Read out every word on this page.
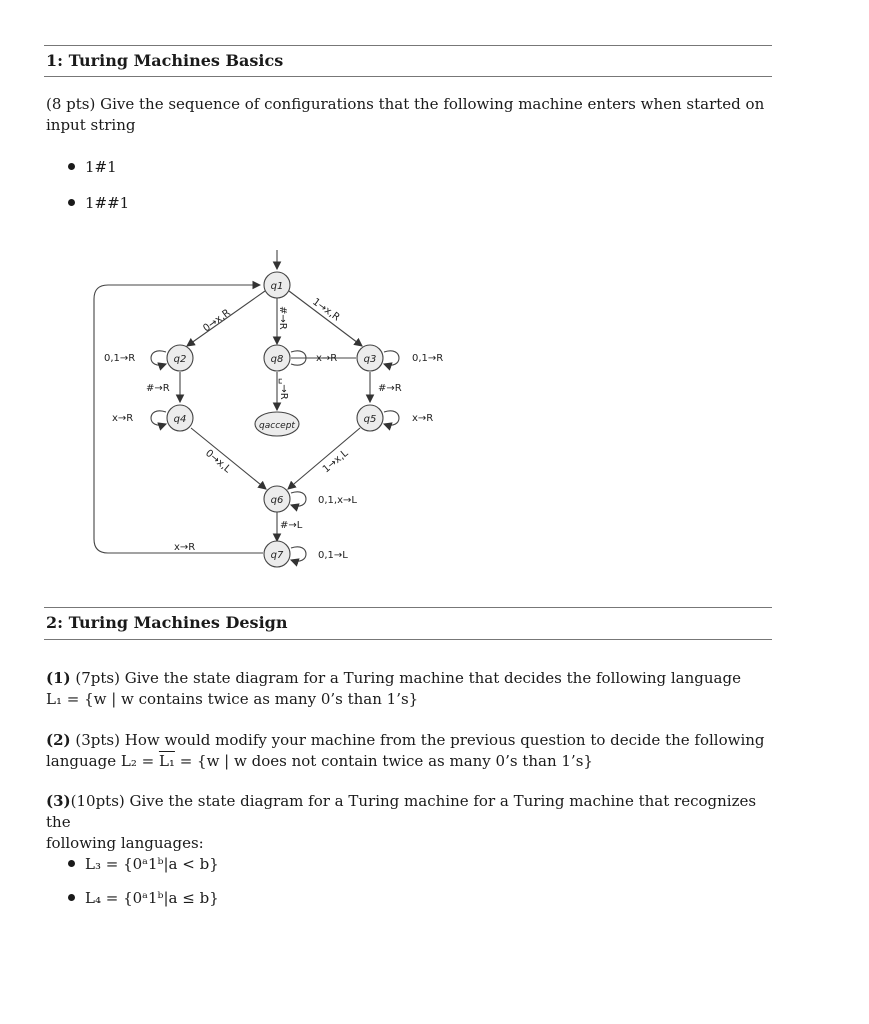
1: Turing Machines Basics
(8 pts) Give the sequence of configurations that the following machine enters when started on input string
1#1
1##1
q1
q2	q8	q3
q4
qaccept
q5
q6
q7
0→x,R	#→R 1→x,R
0,1→R	0,1→R
x→R
#→R	#→R
x→R	x→R
␣→R
0→x,L	1→x,L
0,1,x→L
#→L
0,1→L
x→R
2: Turing Machines Design
(1) (7pts) Give the state diagram for a Turing machine that decides the following language
L₁ = {w | w contains twice as many 0’s than 1’s}
(2) (3pts) How would modify your machine from the previous question to decide the following
language L₂ = L₁ = {w | w does not contain twice as many 0’s than 1’s}
(3)(10pts) Give the state diagram for a Turing machine for a Turing machine that recognizes the
following languages:
L₃ = {0ᵃ1ᵇ|a < b}
L₄ = {0ᵃ1ᵇ|a ≤ b}
